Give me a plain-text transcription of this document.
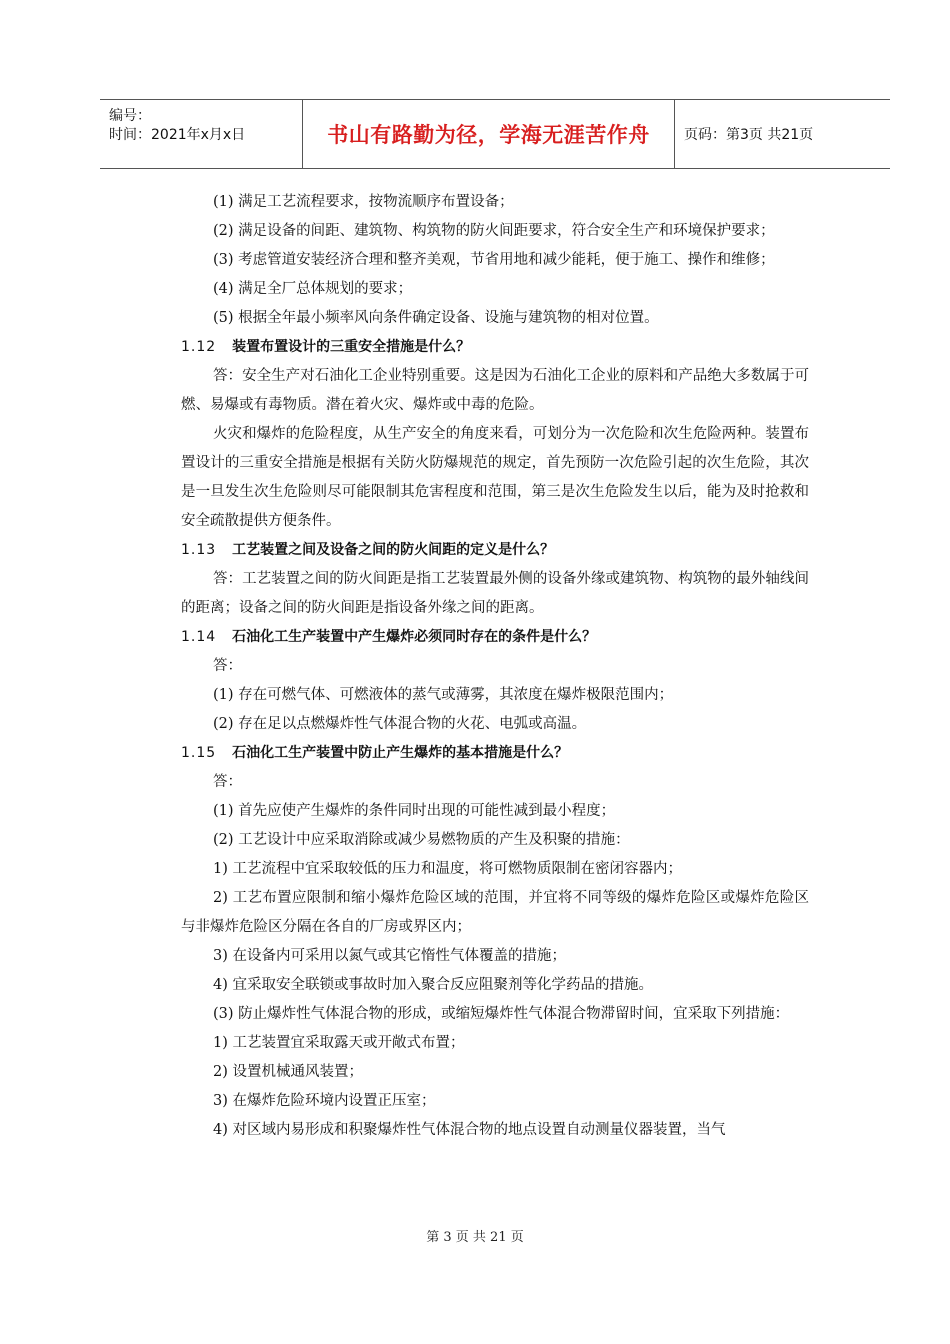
编号：
时间：2021年x月x日	书山有路勤为径，学海无涯苦作舟 页码：第3页 共21页

(1) 满足工艺流程要求，按物流顺序布置设备；

(2) 满足设备的间距、建筑物、构筑物的防火间距要求，符合安全生产和环境保护要求；

(3) 考虑管道安装经济合理和整齐美观，节省用地和减少能耗，便于施工、操作和维修；

(4) 满足全厂总体规划的要求；

(5) 根据全年最小频率风向条件确定设备、设施与建筑物的相对位置。

1.12 装置布置设计的三重安全措施是什么？

答：安全生产对石油化工企业特别重要。这是因为石油化工企业的原料和产品绝大多数属于可燃、易爆或有毒物质。潜在着火灾、爆炸或中毒的危险。

火灾和爆炸的危险程度，从生产安全的角度来看，可划分为一次危险和次生危险两种。装置布置设计的三重安全措施是根据有关防火防爆规范的规定，首先预防一次危险引起的次生危险，其次是一旦发生次生危险则尽可能限制其危害程度和范围，第三是次生危险发生以后，能为及时抢救和安全疏散提供方便条件。

1.13 工艺装置之间及设备之间的防火间距的定义是什么？

答：工艺装置之间的防火间距是指工艺装置最外侧的设备外缘或建筑物、构筑物的最外轴线间的距离；设备之间的防火间距是指设备外缘之间的距离。

1.14 石油化工生产装置中产生爆炸必须同时存在的条件是什么？

答：

(1) 存在可燃气体、可燃液体的蒸气或薄雾，其浓度在爆炸极限范围内；

(2) 存在足以点燃爆炸性气体混合物的火花、电弧或高温。

1.15 石油化工生产装置中防止产生爆炸的基本措施是什么？

答：

(1) 首先应使产生爆炸的条件同时出现的可能性减到最小程度；

(2) 工艺设计中应采取消除或减少易燃物质的产生及积聚的措施：

1) 工艺流程中宜采取较低的压力和温度，将可燃物质限制在密闭容器内；

2) 工艺布置应限制和缩小爆炸危险区域的范围，并宜将不同等级的爆炸危险区或爆炸危险区与非爆炸危险区分隔在各自的厂房或界区内；

3) 在设备内可采用以氮气或其它惰性气体覆盖的措施；

4) 宜采取安全联锁或事故时加入聚合反应阻聚剂等化学药品的措施。

(3) 防止爆炸性气体混合物的形成，或缩短爆炸性气体混合物滞留时间，宜采取下列措施：

1) 工艺装置宜采取露天或开敞式布置；

2) 设置机械通风装置；

3) 在爆炸危险环境内设置正压室；

4) 对区域内易形成和积聚爆炸性气体混合物的地点设置自动测量仪器装置，当气

第 3 页 共 21 页
